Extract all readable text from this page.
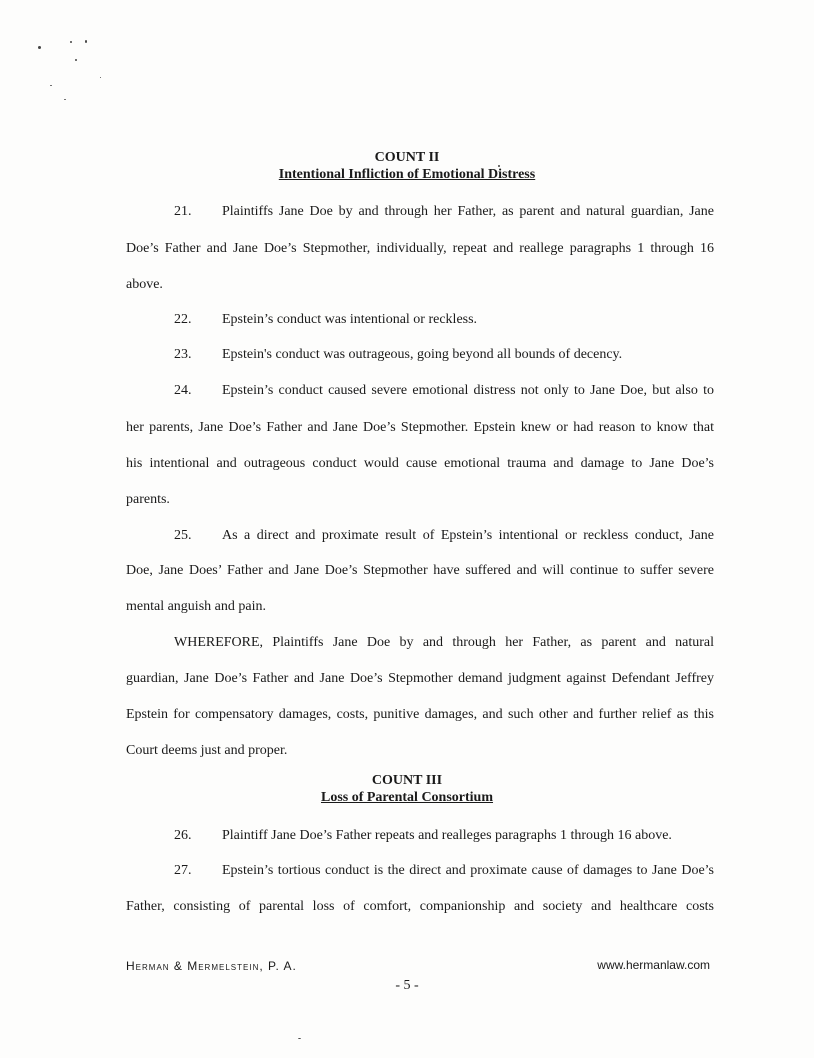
COUNT II
Intentional Infliction of Emotional Distress
21. Plaintiffs Jane Doe by and through her Father, as parent and natural guardian, Jane
Doe’s Father and Jane Doe’s Stepmother, individually, repeat and reallege paragraphs 1 through 16
above.
22. Epstein’s conduct was intentional or reckless.
23. Epstein's conduct was outrageous, going beyond all bounds of decency.
24. Epstein’s conduct caused severe emotional distress not only to Jane Doe, but also to
her parents, Jane Doe’s Father and Jane Doe’s Stepmother. Epstein knew or had reason to know that
his intentional and outrageous conduct would cause emotional trauma and damage to Jane Doe’s
parents.
25. As a direct and proximate result of Epstein’s intentional or reckless conduct, Jane
Doe, Jane Does’ Father and Jane Doe’s Stepmother have suffered and will continue to suffer severe
mental anguish and pain.
WHEREFORE, Plaintiffs Jane Doe by and through her Father, as parent and natural
guardian, Jane Doe’s Father and Jane Doe’s Stepmother demand judgment against Defendant Jeffrey
Epstein for compensatory damages, costs, punitive damages, and such other and further relief as this
Court deems just and proper.
COUNT III
Loss of Parental Consortium
26. Plaintiff Jane Doe’s Father repeats and realleges paragraphs 1 through 16 above.
27. Epstein’s tortious conduct is the direct and proximate cause of damages to Jane Doe’s
Father, consisting of parental loss of comfort, companionship and society and healthcare costs
Herman & Mermelstein, P. A.	www.hermanlaw.com
- 5 -
